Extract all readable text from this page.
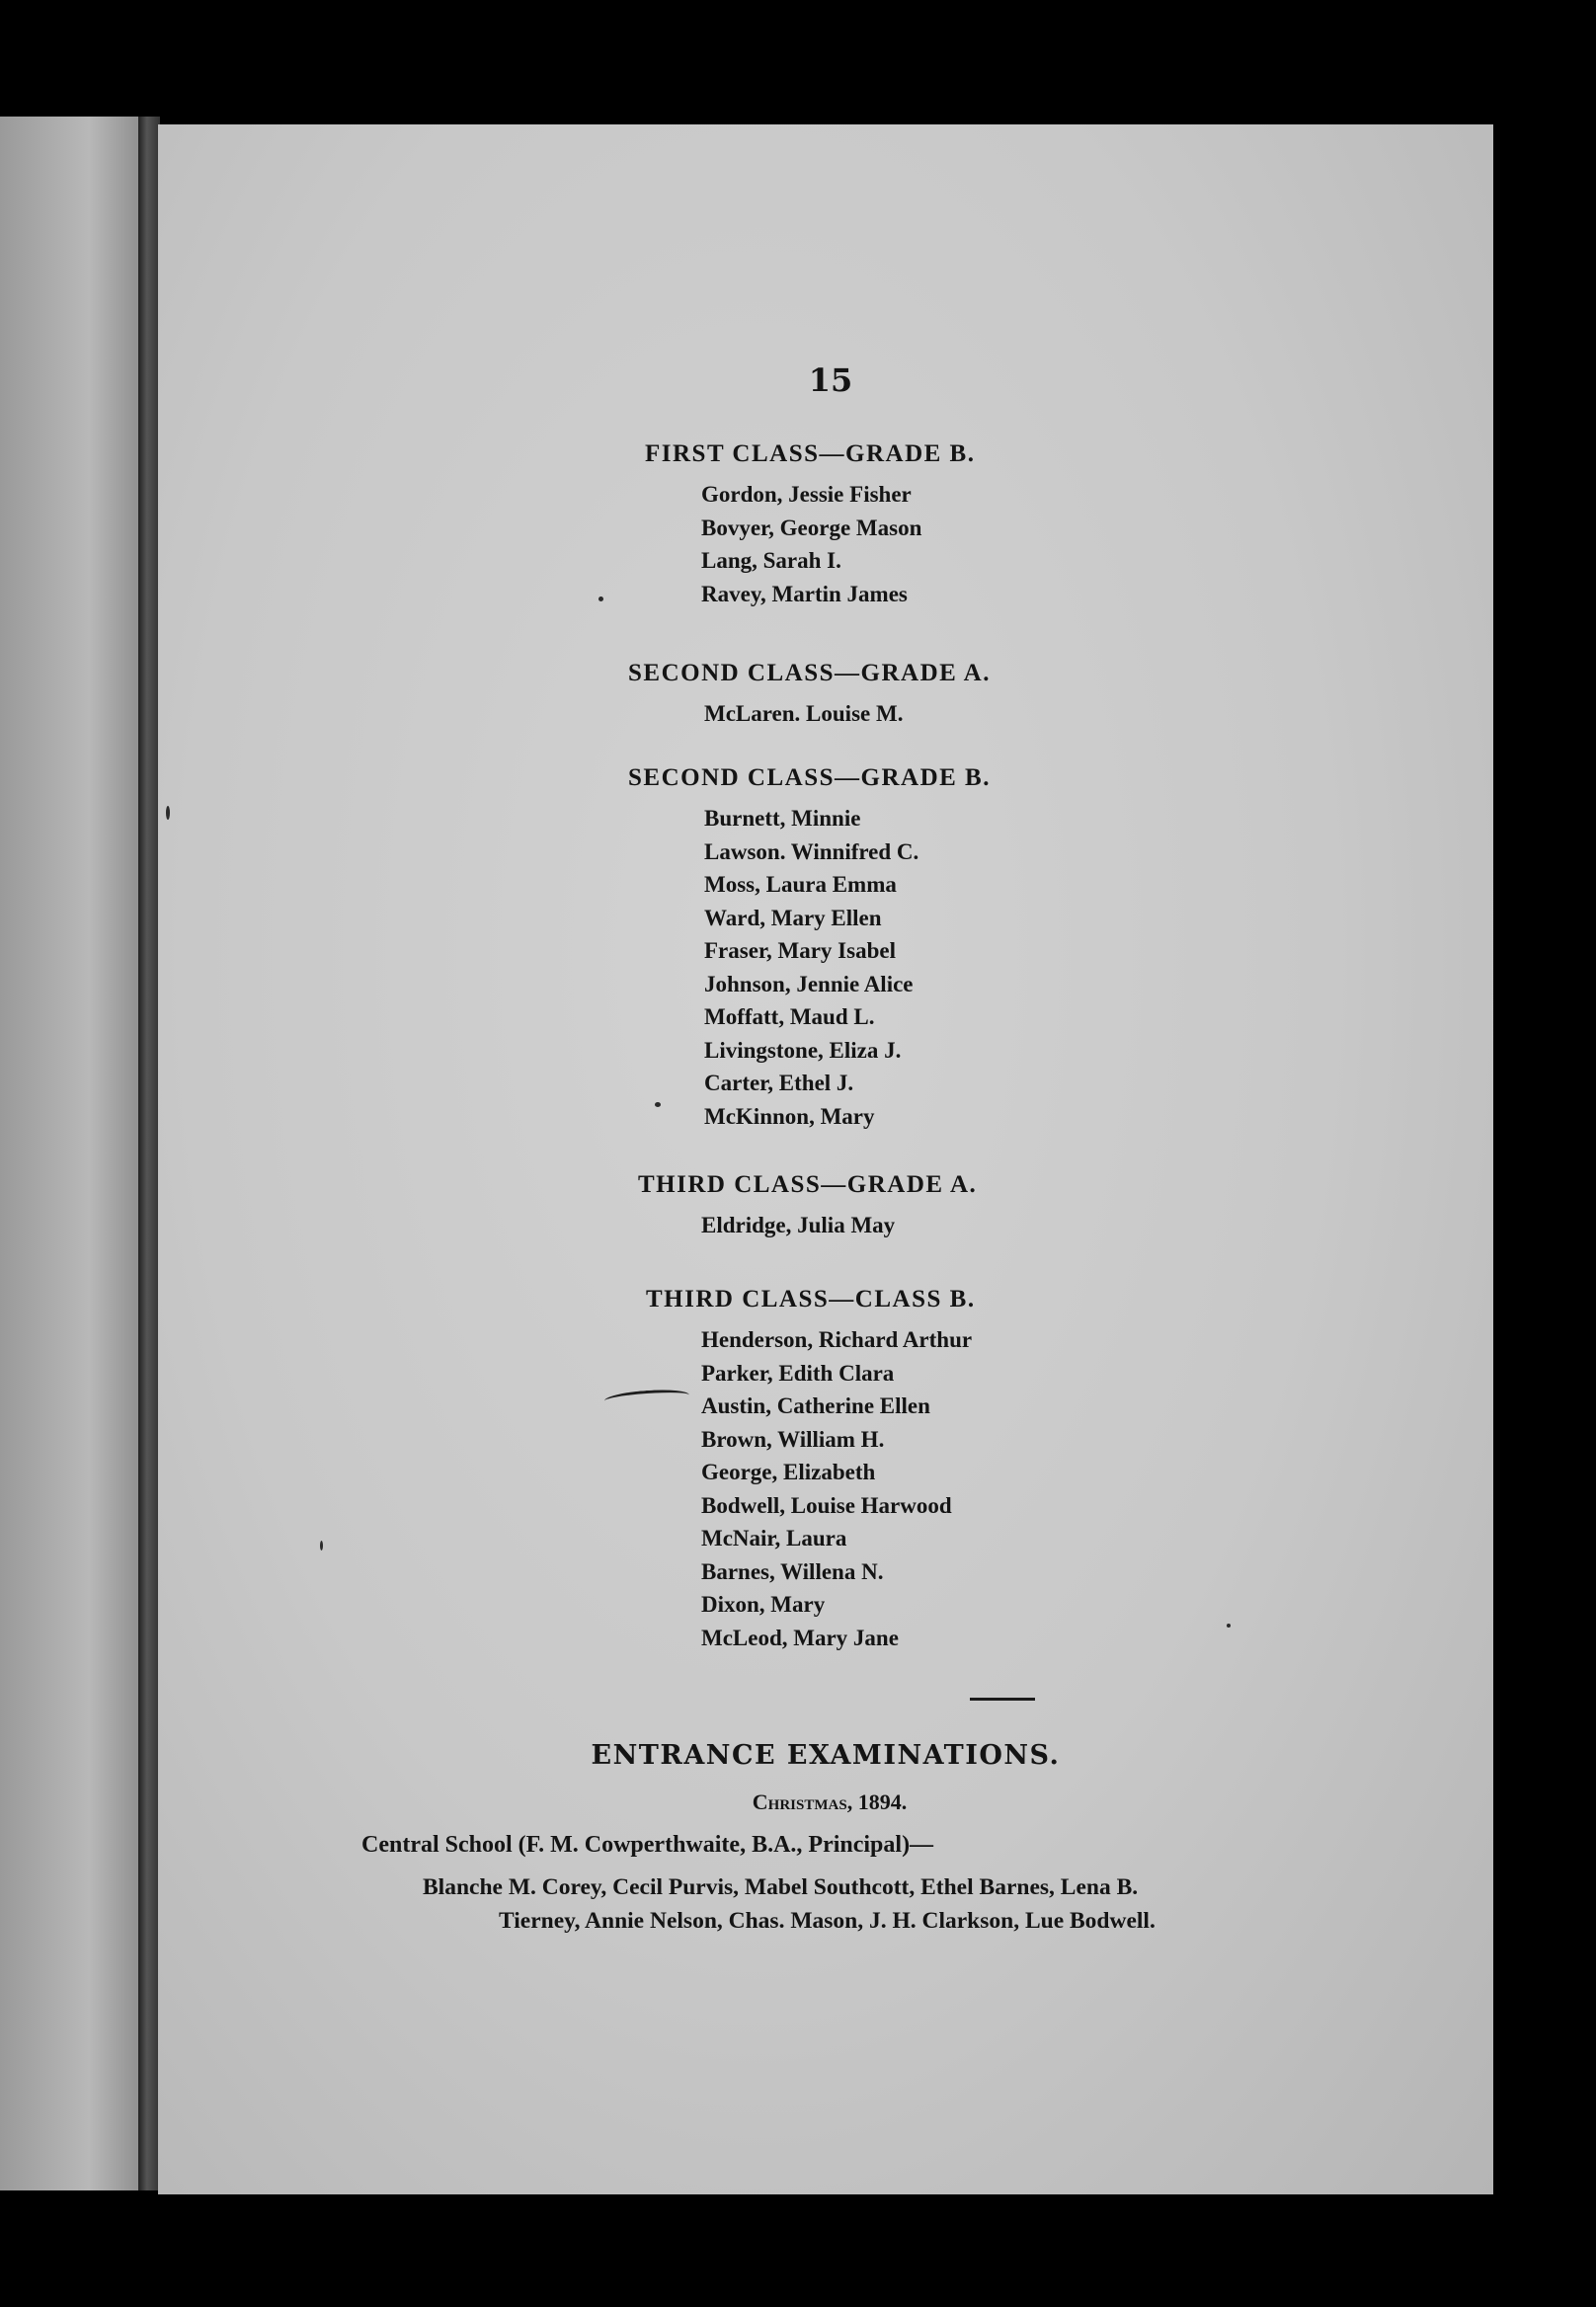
15
FIRST CLASS—GRADE B.
Gordon, Jessie Fisher
Bovyer, George Mason
Lang, Sarah I.
Ravey, Martin James
SECOND CLASS—GRADE A.
McLaren. Louise M.
SECOND CLASS—GRADE B.
Burnett, Minnie
Lawson. Winnifred C.
Moss, Laura Emma
Ward, Mary Ellen
Fraser, Mary Isabel
Johnson, Jennie Alice
Moffatt, Maud L.
Livingstone, Eliza J.
Carter, Ethel J.
McKinnon, Mary
THIRD CLASS—GRADE A.
Eldridge, Julia May
THIRD CLASS—CLASS B.
Henderson, Richard Arthur
Parker, Edith Clara
Austin, Catherine Ellen
Brown, William H.
George, Elizabeth
Bodwell, Louise Harwood
McNair, Laura
Barnes, Willena N.
Dixon, Mary
McLeod, Mary Jane
ENTRANCE EXAMINATIONS.
Christmas, 1894.
Central School (F. M. Cowperthwaite, B.A., Principal)—
Blanche M. Corey, Cecil Purvis, Mabel Southcott, Ethel Barnes, Lena B.
Tierney, Annie Nelson, Chas. Mason, J. H. Clarkson, Lue Bodwell.
